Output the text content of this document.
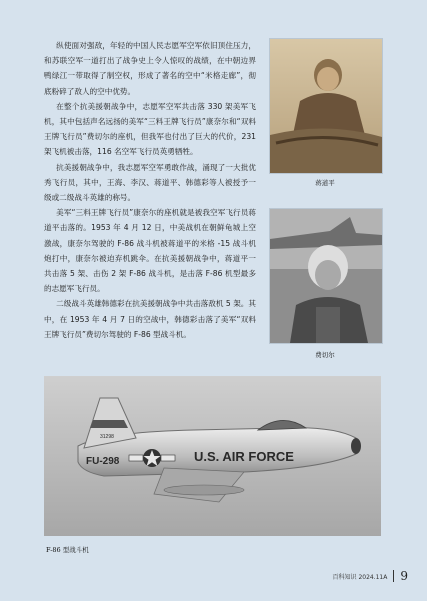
纵使面对强敌，年轻的中国人民志愿军空军依旧顶住压力，和苏联空军一道打出了战争史上令人惊叹的战绩，在中朝边界鸭绿江一带取得了制空权，形成了著名的空中“米格走廊”，彻底粉碎了敌人的空中优势。

在整个抗美援朝战争中，志愿军空军共击落 330 架美军飞机，其中包括声名远扬的美军“三料王牌飞行员”康奈尔和“双料王牌飞行员”费切尔的座机，但我军也付出了巨大的代价，231 架飞机被击落，116 名空军飞行员英勇牺牲。

抗美援朝战争中，我志愿军空军勇敢作战，涌现了一大批优秀飞行员，其中，王海、李汉、蒋道平、韩德彩等人被授予一级或二级战斗英雄的称号。

美军“三料王牌飞行员”康奈尔的座机就是被我空军飞行员蒋道平击落的。1953 年 4 月 12 日，中美战机在朝鲜龟城上空激战，康奈尔驾驶的 F-86 战斗机被蒋道平的米格 -15 战斗机炮打中，康奈尔被迫弃机跳伞。在抗美援朝战争中，蒋道平一共击落 5 架、击伤 2 架 F-86 战斗机，是击落 F-86 机型最多的志愿军飞行员。

二级战斗英雄韩德彩在抗美援朝战争中共击落敌机 5 架。其中，在 1953 年 4 月 7 日的空战中，韩德彩击落了美军“双料王牌飞行员”费切尔驾驶的 F-86 型战斗机。

蒋道平
费切尔
U.S. AIR FORCE
FU-298
31298
F-86 型战斗机
百科知识 2024.11A 9
